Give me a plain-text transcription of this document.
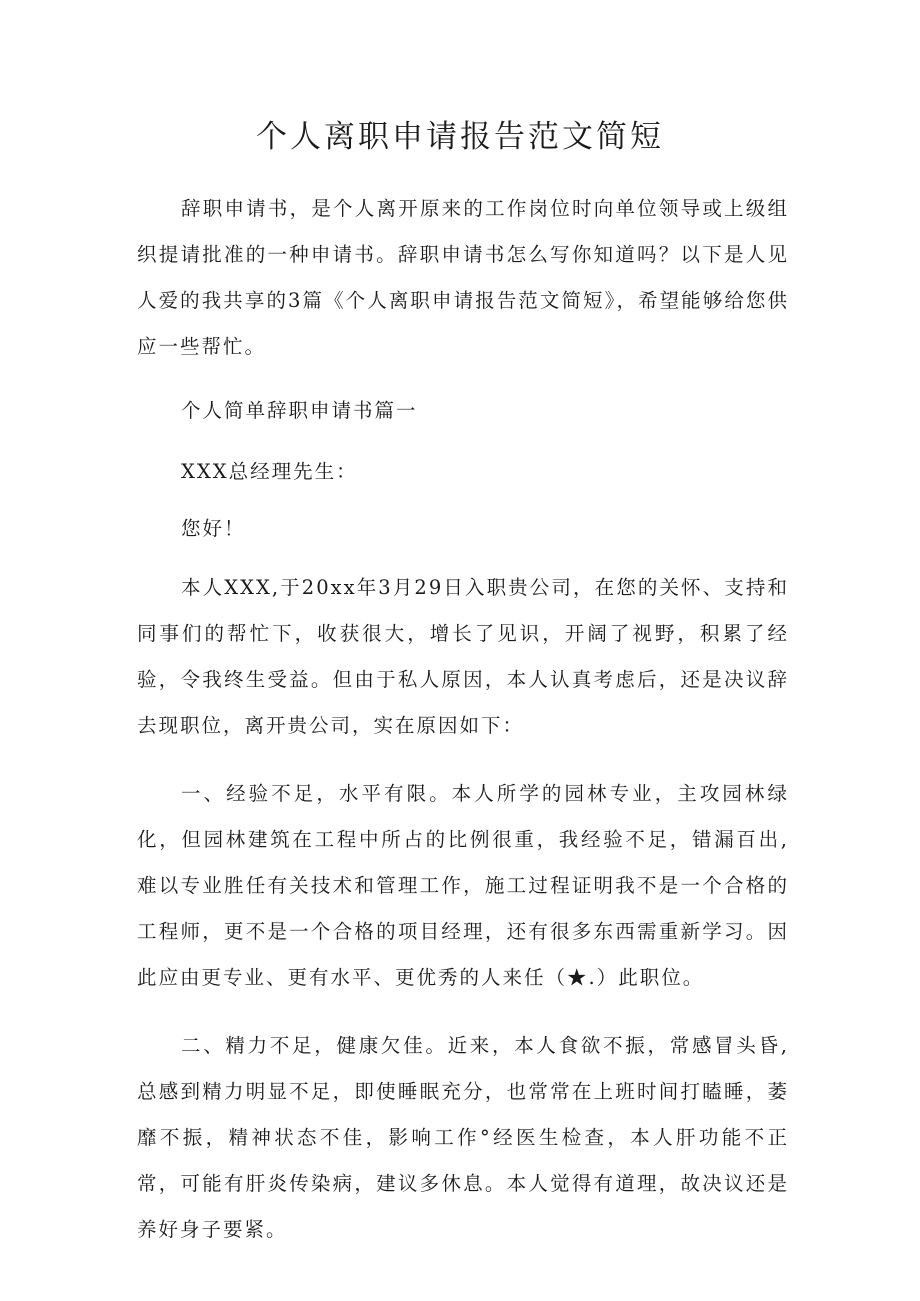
个人离职申请报告范文简短

辞职申请书，是个人离开原来的工作岗位时向单位领导或上级组织提请批准的一种申请书。辞职申请书怎么写你知道吗？以下是人见人爱的我共享的3篇《个人离职申请报告范文简短》，希望能够给您供应一些帮忙。

个人简单辞职申请书篇一

XXX总经理先生：

您好！

本人XXX,于20xx年3月29日入职贵公司，在您的关怀、支持和同事们的帮忙下，收获很大，增长了见识，开阔了视野，积累了经验，令我终生受益。但由于私人原因，本人认真考虑后，还是决议辞去现职位，离开贵公司，实在原因如下：

一、经验不足，水平有限。本人所学的园林专业，主攻园林绿化，但园林建筑在工程中所占的比例很重，我经验不足，错漏百出,难以专业胜任有关技术和管理工作，施工过程证明我不是一个合格的工程师，更不是一个合格的项目经理，还有很多东西需重新学习。因此应由更专业、更有水平、更优秀的人来任（★.）此职位。

二、精力不足，健康欠佳。近来，本人食欲不振，常感冒头昏,总感到精力明显不足，即使睡眠充分，也常常在上班时间打瞌睡，萎靡不振，精神状态不佳，影响工作°经医生检查，本人肝功能不正常，可能有肝炎传染病，建议多休息。本人觉得有道理，故决议还是养好身子要紧。
